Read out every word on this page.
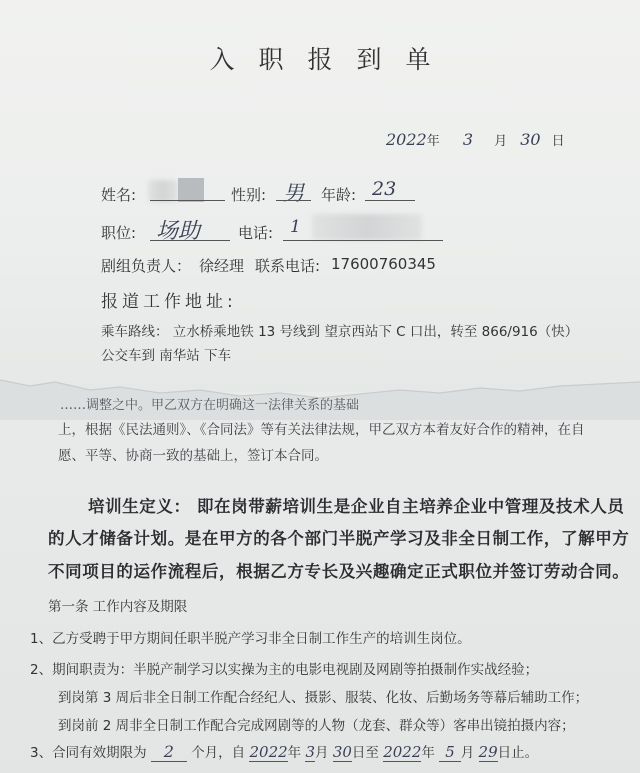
入职报到单
2022年 3 月 30 日
姓名:	性别: 男 年龄: 23
职位: 场助	电话: 1
剧组负责人： 徐经理 联系电话: 17600760345
报道工作地址:
乘车路线： 立水桥乘地铁 13 号线到 望京西站下 C 口出，转至 866/916（快）
公交车到 南华站 下车
……调整之中。甲乙双方在明确这一法律关系的基础
上，根据《民法通则》、《合同法》等有关法律法规，甲乙双方本着友好合作的精神，在自
愿、平等、协商一致的基础上，签订本合同。
培训生定义： 即在岗带薪培训生是企业自主培养企业中管理及技术人员
的人才储备计划。是在甲方的各个部门半脱产学习及非全日制工作，了解甲方
不同项目的运作流程后，根据乙方专长及兴趣确定正式职位并签订劳动合同。
第一条 工作内容及期限
1、乙方受聘于甲方期间任职半脱产学习非全日制工作生产的培训生岗位。
2、期间职责为：半脱产制学习以实操为主的电影电视剧及网剧等拍摄制作实战经验；
到岗第 3 周后非全日制工作配合经纪人、摄影、服装、化妆、后勤场务等幕后辅助工作；
到岗前 2 周非全日制工作配合完成网剧等的人物（龙套、群众等）客串出镜拍摄内容；
3、合同有效期限为 2 个月，自 2022年 3月 30日至 2022年 5 月 29日止。
